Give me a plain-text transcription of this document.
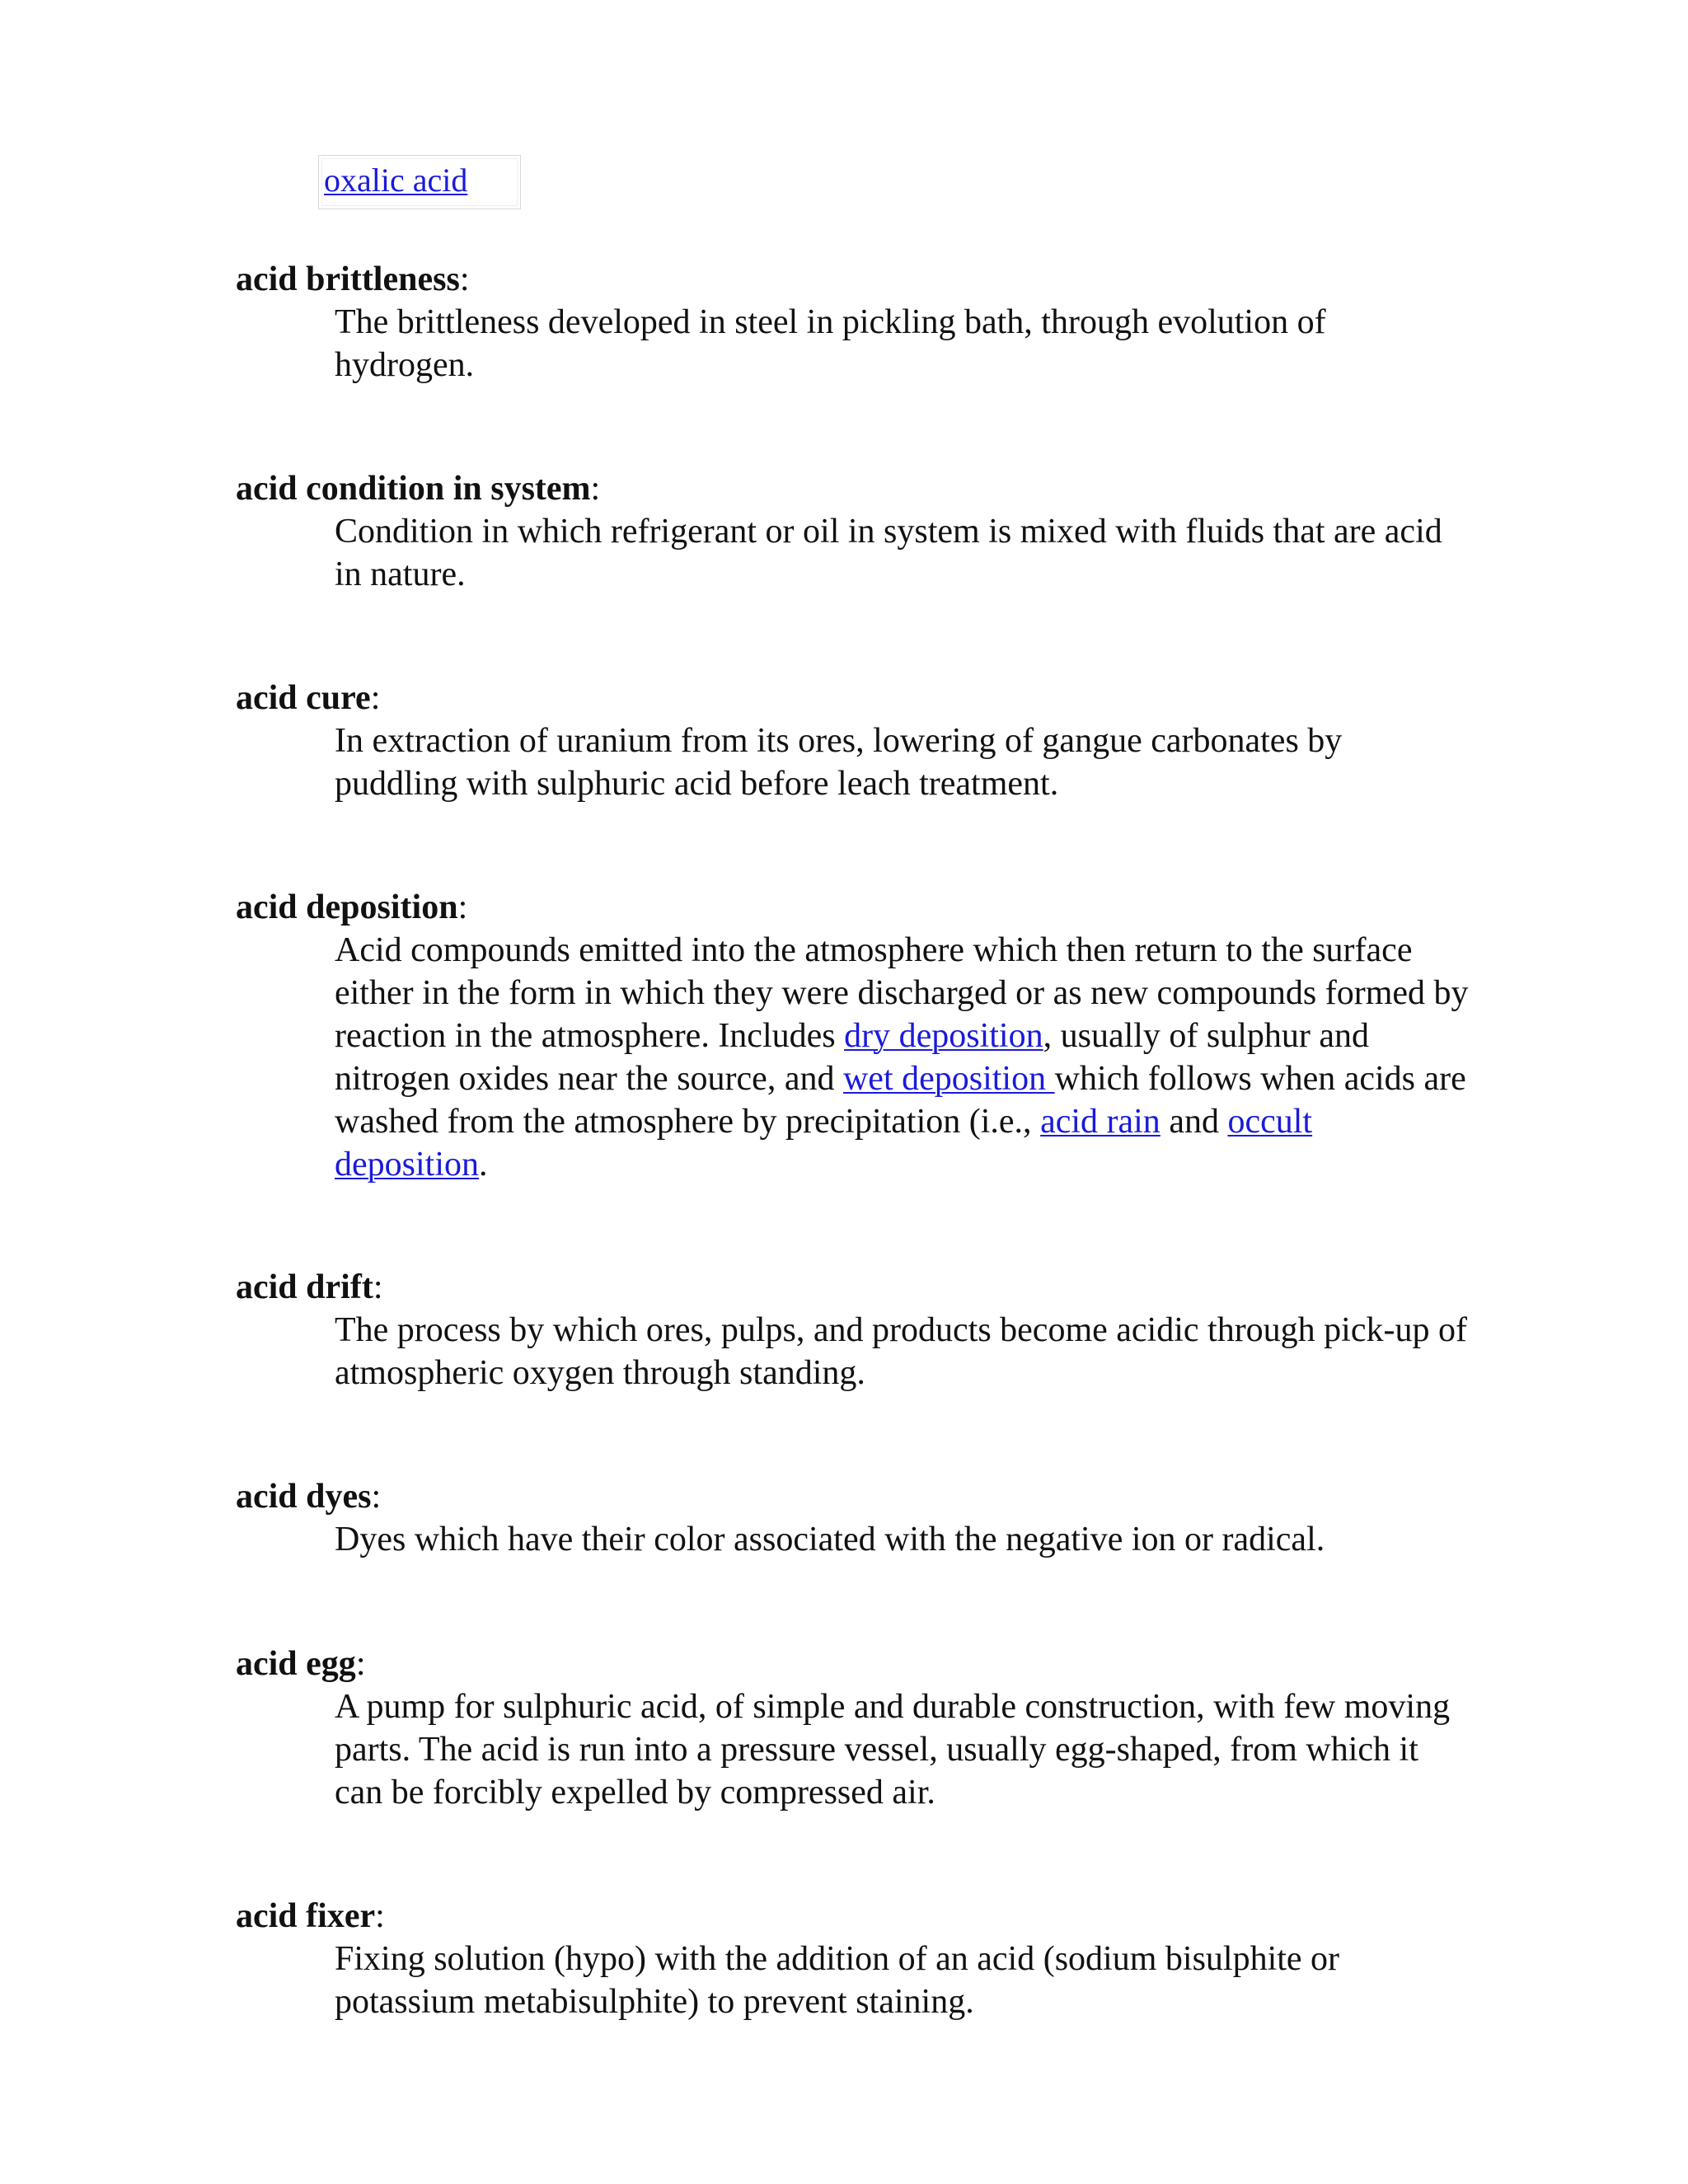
oxalic acid
acid brittleness:
The brittleness developed in steel in pickling bath, through evolution of hydrogen.
acid condition in system:
Condition in which refrigerant or oil in system is mixed with fluids that are acid in nature.
acid cure:
In extraction of uranium from its ores, lowering of gangue carbonates by puddling with sulphuric acid before leach treatment.
acid deposition:
Acid compounds emitted into the atmosphere which then return to the surface either in the form in which they were discharged or as new compounds formed by reaction in the atmosphere. Includes dry deposition, usually of sulphur and nitrogen oxides near the source, and wet deposition which follows when acids are washed from the atmosphere by precipitation (i.e., acid rain and occult deposition.
acid drift:
The process by which ores, pulps, and products become acidic through pick-up of atmospheric oxygen through standing.
acid dyes:
Dyes which have their color associated with the negative ion or radical.
acid egg:
A pump for sulphuric acid, of simple and durable construction, with few moving parts. The acid is run into a pressure vessel, usually egg-shaped, from which it can be forcibly expelled by compressed air.
acid fixer:
Fixing solution (hypo) with the addition of an acid (sodium bisulphite or potassium metabisulphite) to prevent staining.
